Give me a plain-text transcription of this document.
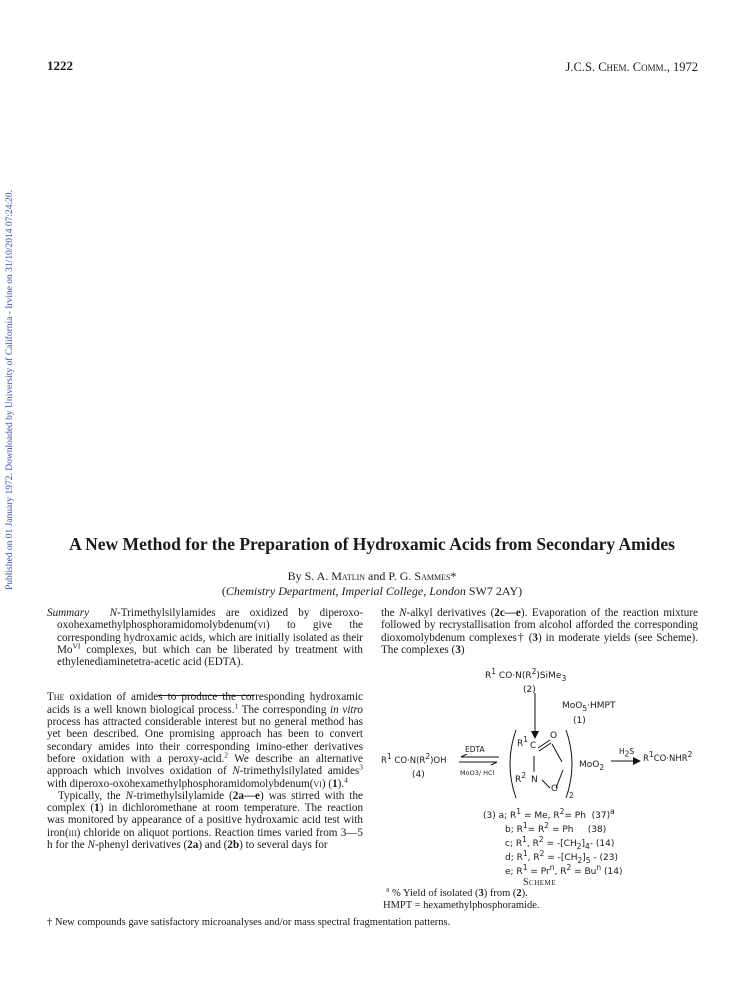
1222	J.C.S. Chem. Comm., 1972
Published on 01 January 1972. Downloaded by University of California - Irvine on 31/10/2014 07:24:20.	A New Method for the Preparation of Hydroxamic Acids from Secondary Amides
By S. A. Matlin and P. G. Sammes*
(Chemistry Department, Imperial College, London SW7 2AY)

Summary N-Trimethylsilylamides are oxidized by diperoxo-oxohexamethylphosphoramidomolybdenum(vi) to give the corresponding hydroxamic acids, which are initially isolated as their $Mo^{VI}$ complexes, but which can be liberated by treatment with ethylenediaminetetra-acetic acid (EDTA).

The oxidation of amides to produce the corresponding hydroxamic acids is a well known biological process.$^1$ The corresponding in vitro process has attracted considerable interest but no general method has yet been described. One promising approach has been to convert secondary amides into their corresponding imino-ether derivatives before oxidation with a peroxy-acid.$^2$ We describe an alternative approach which involves oxidation of N-trimethylsilylated amides$^3$ with diperoxo-oxohexamethylphosphoramidomolybdenum(vi) (1).$^4$

Typically, the N-trimethylsilylamide (2a—e) was stirred with the complex (1) in dichloromethane at room temperature. The reaction was monitored by appearance of a positive hydroxamic acid test with iron(iii) chloride on aliquot portions. Reaction times varied from 3—5 h for the N-phenyl derivatives (2a) and (2b) to several days for

the N-alkyl derivatives (2c—e). Evaporation of the reaction mixture followed by recrystallisation from alcohol afforded the corresponding dioxomolybdenum complexes† (3) in moderate yields (see Scheme). The complexes (3)

$R^1$ $CO\cdot N(R^2)SiMe_3$
(2)
MoO$_5$·HMPT
(1)
$R^1$ $CO\cdot N(R^2)OH$
(4)
EDTA
MoO3/ HCl
$R^1$
C
O
$R^2$ N
O
2
MoO$_2$
$H_2S$
$R^1CO\cdot NHR^2$
(3) a; $R^1 = Me$, $R^2= Ph$  $(37)^a$
b; $R^1= R^2 = Ph$     (38)
c; $R^1$, $R^2 = -[CH_2]_4-$ (14)
d; $R^1$, $R^2 = -[CH_2]_5 - (23)$
e; $R^1 = Pr^n$, $R^2 = Bu^n$ (14)
Scheme
$^a$ % Yield of isolated (3) from (2).
HMPT = hexamethylphosphoramide.
† New compounds gave satisfactory microanalyses and/or mass spectral fragmentation patterns.
